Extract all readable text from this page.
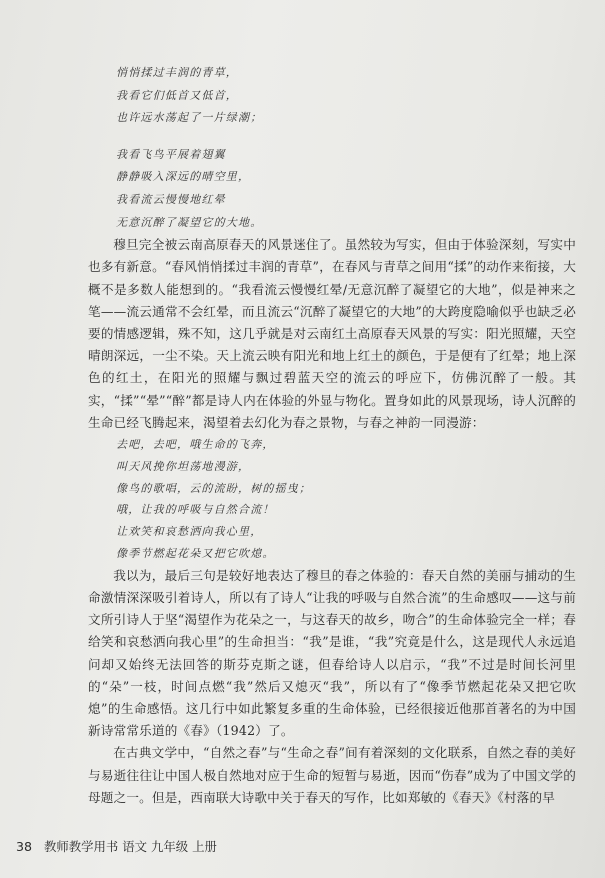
悄悄揉过丰润的青草，
我看它们低首又低首，
也许远水荡起了一片绿潮；
我看飞鸟平展着翅翼
静静吸入深远的晴空里，
我看流云慢慢地红晕
无意沉醉了凝望它的大地。

穆旦完全被云南高原春天的风景迷住了。虽然较为写实，但由于体验深刻，写实中也多有新意。“春风悄悄揉过丰润的青草”，在春风与青草之间用“揉”的动作来衔接，大概不是多数人能想到的。“我看流云慢慢红晕/无意沉醉了凝望它的大地”，似是神来之笔——流云通常不会红晕，而且流云“沉醉了凝望它的大地”的大跨度隐喻似乎也缺乏必要的情感逻辑，殊不知，这几乎就是对云南红土高原春天风景的写实：阳光照耀，天空晴朗深远，一尘不染。天上流云映有阳光和地上红土的颜色，于是便有了红晕；地上深色的红土，在阳光的照耀与飘过碧蓝天空的流云的呼应下，仿佛沉醉了一般。其实，“揉”“晕”“醉”都是诗人内在体验的外显与物化。置身如此的风景现场，诗人沉醉的生命已经飞腾起来，渴望着去幻化为春之景物，与春之神韵一同漫游：

去吧，去吧，哦生命的飞奔，
叫天风挽你坦荡地漫游，
像鸟的歌唱，云的流盼，树的摇曳；
哦，让我的呼吸与自然合流！
让欢笑和哀愁洒向我心里，
像季节燃起花朵又把它吹熄。

我以为，最后三句是较好地表达了穆旦的春之体验的：春天自然的美丽与捕动的生命激情深深吸引着诗人，所以有了诗人“让我的呼吸与自然合流”的生命感叹——这与前文所引诗人于坚“渴望作为花朵之一，与这春天的故乡，吻合”的生命体验完全一样；春给笑和哀愁洒向我心里”的生命担当：“我”是谁，“我”究竟是什么，这是现代人永远追问却又始终无法回答的斯芬克斯之谜，但春给诗人以启示，“我”不过是时间长河里的“朵”一枝，时间点燃“我”然后又熄灭“我”，所以有了“像季节燃起花朵又把它吹熄”的生命感悟。这几行中如此繁复多重的生命体验，已经很接近他那首著名的为中国新诗常常乐道的《春》（1942）了。

在古典文学中，“自然之春”与“生命之春”间有着深刻的文化联系，自然之春的美好与易逝往往让中国人极自然地对应于生命的短暂与易逝，因而“伤春”成为了中国文学的母题之一。但是，西南联大诗歌中关于春天的写作，比如郑敏的《春天》《村落的早

38 教师教学用书 语文 九年级 上册
